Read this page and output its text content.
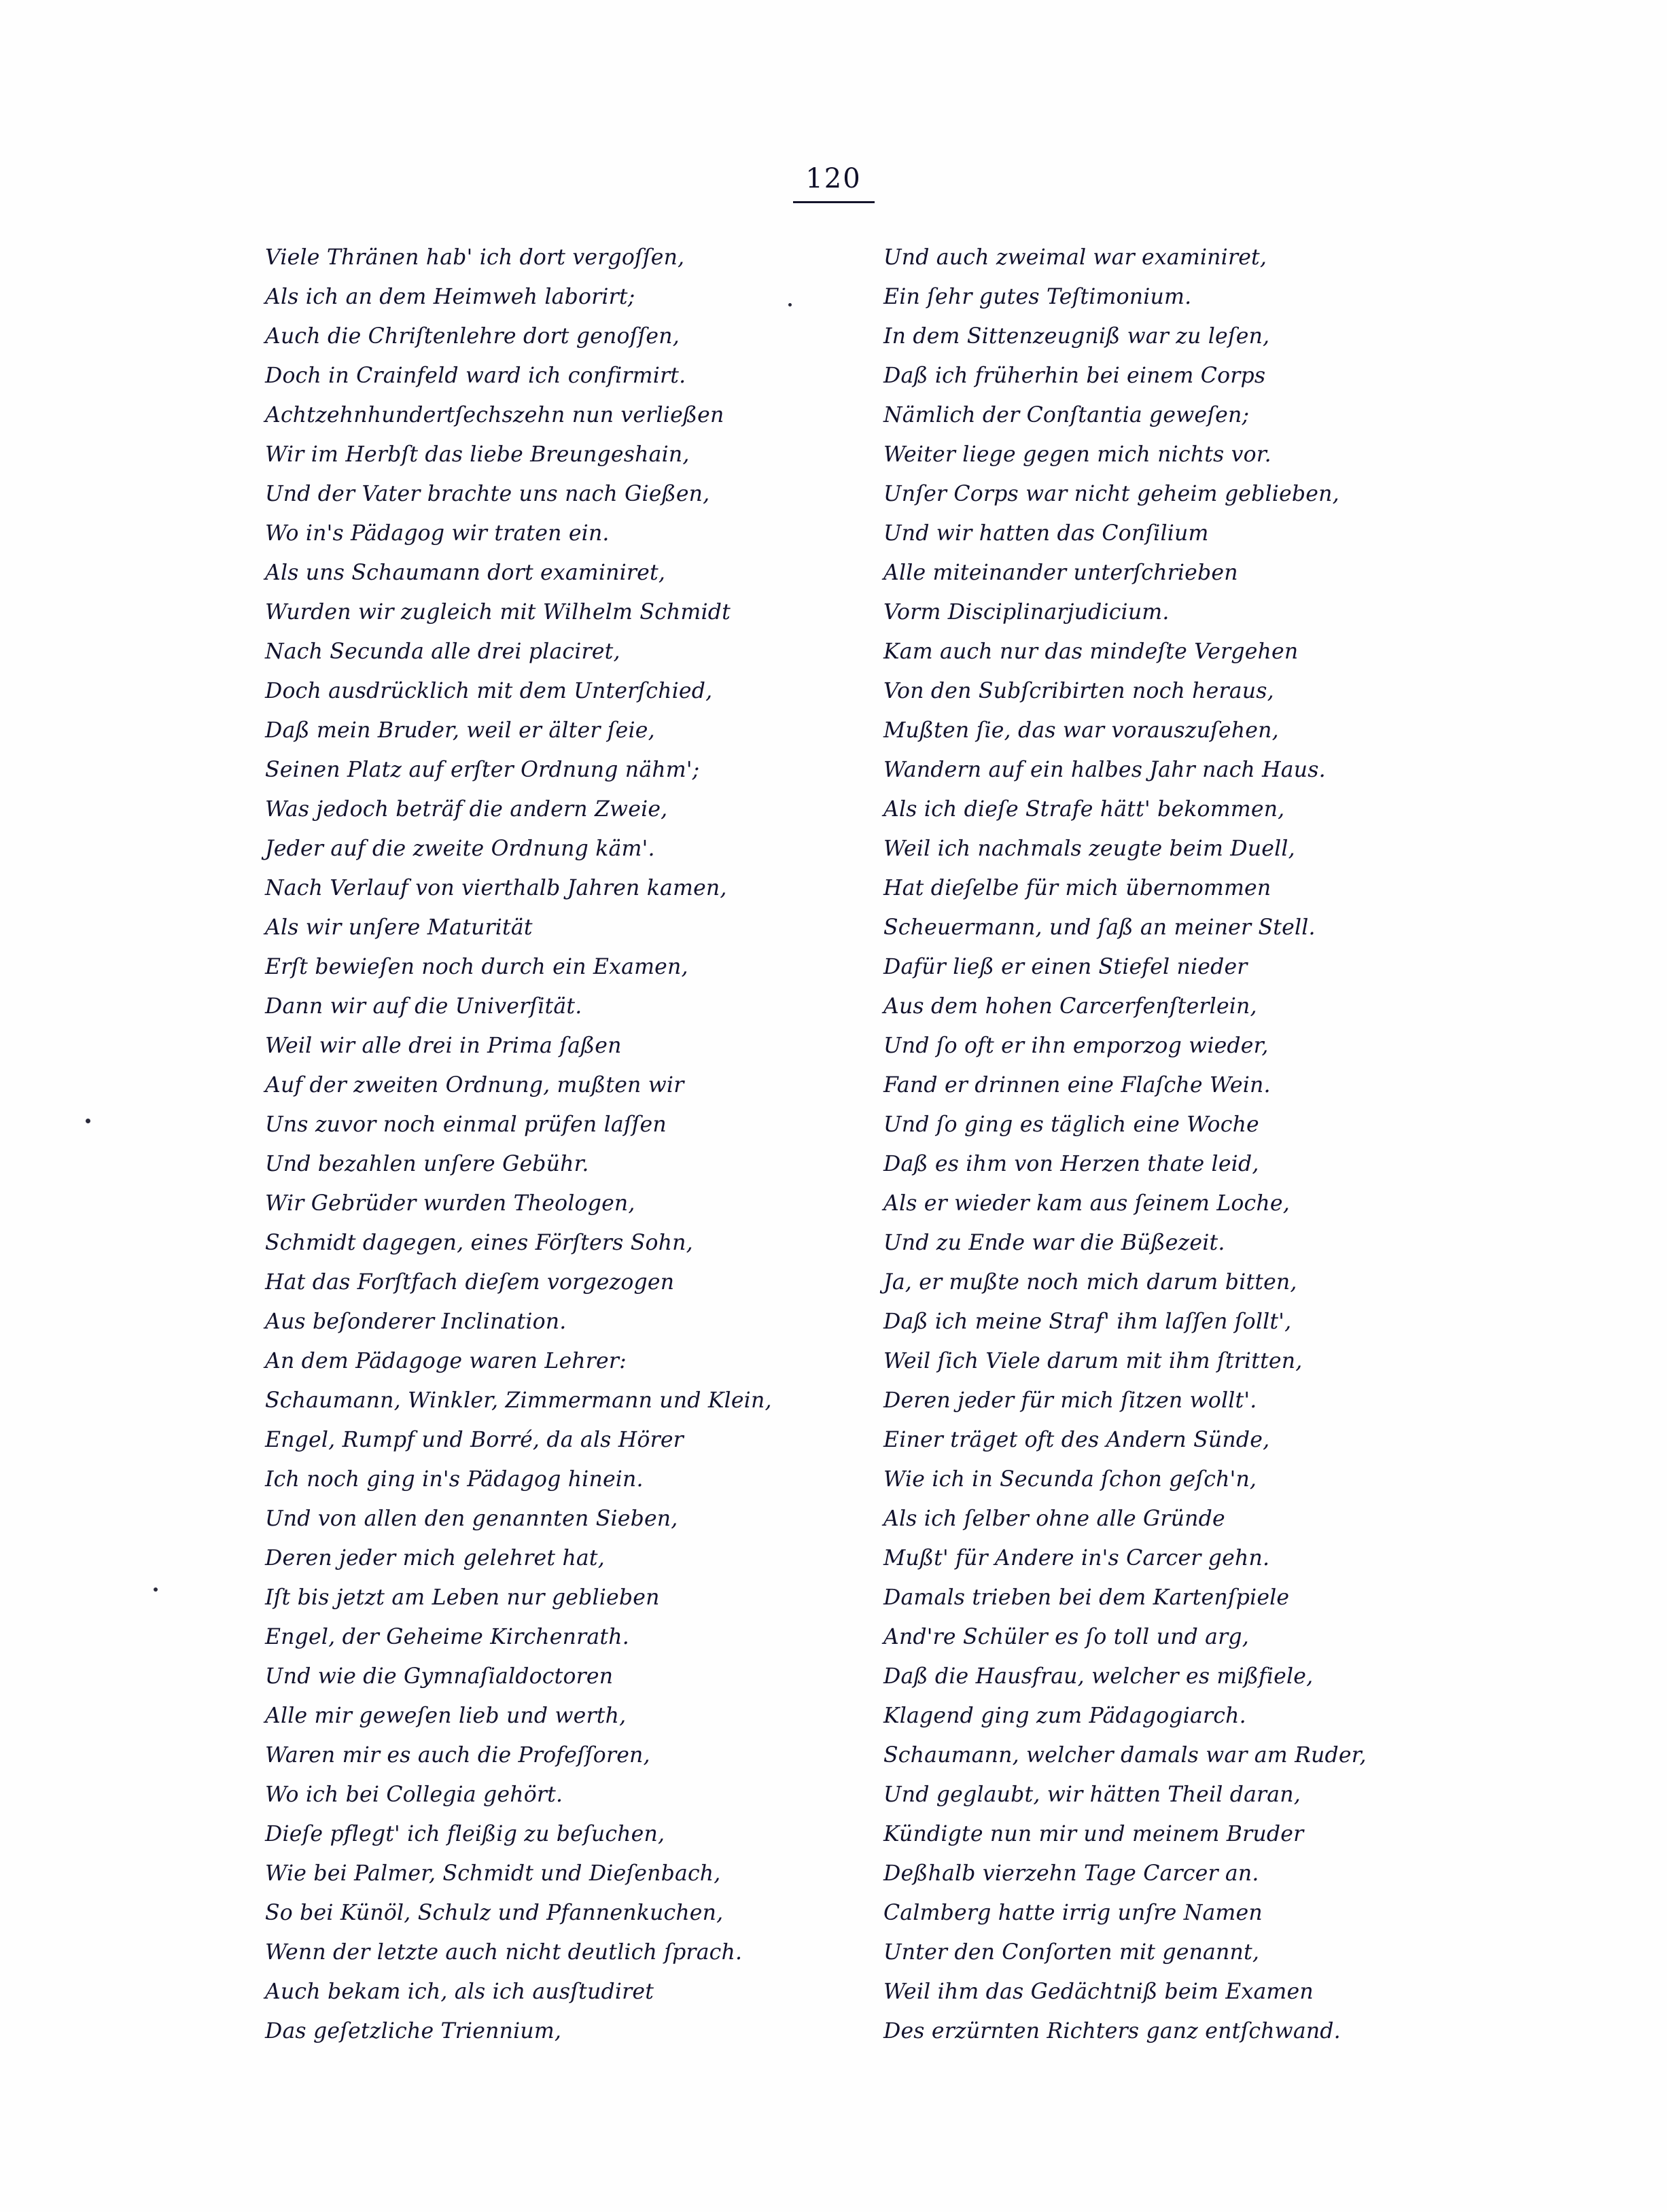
120
Viele Thränen hab' ich dort vergoſſen,
Als ich an dem Heimweh laborirt;
Auch die Chriſtenlehre dort genoſſen,
Doch in Crainfeld ward ich confirmirt.
Achtzehnhundertſechszehn nun verließen
Wir im Herbſt das liebe Breungeshain,
Und der Vater brachte uns nach Gießen,
Wo in's Pädagog wir traten ein.
Als uns Schaumann dort examiniret,
Wurden wir zugleich mit Wilhelm Schmidt
Nach Secunda alle drei placiret,
Doch ausdrücklich mit dem Unterſchied,
Daß mein Bruder, weil er älter ſeie,
Seinen Platz auf erſter Ordnung nähm';
Was jedoch beträf die andern Zweie,
Jeder auf die zweite Ordnung käm'.
Nach Verlauf von vierthalb Jahren kamen,
Als wir unſere Maturität
Erſt bewieſen noch durch ein Examen,
Dann wir auf die Univerſität.
Weil wir alle drei in Prima ſaßen
Auf der zweiten Ordnung, mußten wir
Uns zuvor noch einmal prüfen laſſen
Und bezahlen unſere Gebühr.
Wir Gebrüder wurden Theologen,
Schmidt dagegen, eines Förſters Sohn,
Hat das Forſtfach dieſem vorgezogen
Aus beſonderer Inclination.
An dem Pädagoge waren Lehrer:
Schaumann, Winkler, Zimmermann und Klein,
Engel, Rumpf und Borré, da als Hörer
Ich noch ging in's Pädagog hinein.
Und von allen den genannten Sieben,
Deren jeder mich gelehret hat,
Iſt bis jetzt am Leben nur geblieben
Engel, der Geheime Kirchenrath.
Und wie die Gymnaſialdoctoren
Alle mir geweſen lieb und werth,
Waren mir es auch die Profeſſoren,
Wo ich bei Collegia gehört.
Dieſe pflegt' ich fleißig zu beſuchen,
Wie bei Palmer, Schmidt und Dieſenbach,
So bei Künöl, Schulz und Pfannenkuchen,
Wenn der letzte auch nicht deutlich ſprach.
Auch bekam ich, als ich ausſtudiret
Das geſetzliche Triennium,
Und auch zweimal war examiniret,
Ein ſehr gutes Teſtimonium.
In dem Sittenzeugniß war zu leſen,
Daß ich früherhin bei einem Corps
Nämlich der Conſtantia geweſen;
Weiter liege gegen mich nichts vor.
Unſer Corps war nicht geheim geblieben,
Und wir hatten das Conſilium
Alle miteinander unterſchrieben
Vorm Disciplinarjudicium.
Kam auch nur das mindeſte Vergehen
Von den Subſcribirten noch heraus,
Mußten ſie, das war vorauszuſehen,
Wandern auf ein halbes Jahr nach Haus.
Als ich dieſe Strafe hätt' bekommen,
Weil ich nachmals zeugte beim Duell,
Hat dieſelbe für mich übernommen
Scheuermann, und ſaß an meiner Stell.
Dafür ließ er einen Stiefel nieder
Aus dem hohen Carcerfenſterlein,
Und ſo oft er ihn emporzog wieder,
Fand er drinnen eine Flaſche Wein.
Und ſo ging es täglich eine Woche
Daß es ihm von Herzen thate leid,
Als er wieder kam aus ſeinem Loche,
Und zu Ende war die Büßezeit.
Ja, er mußte noch mich darum bitten,
Daß ich meine Straf' ihm laſſen ſollt',
Weil ſich Viele darum mit ihm ſtritten,
Deren jeder für mich ſitzen wollt'.
Einer träget oft des Andern Sünde,
Wie ich in Secunda ſchon geſch'n,
Als ich ſelber ohne alle Gründe
Mußt' für Andere in's Carcer gehn.
Damals trieben bei dem Kartenſpiele
And're Schüler es ſo toll und arg,
Daß die Hausfrau, welcher es mißfiele,
Klagend ging zum Pädagogiarch.
Schaumann, welcher damals war am Ruder,
Und geglaubt, wir hätten Theil daran,
Kündigte nun mir und meinem Bruder
Deßhalb vierzehn Tage Carcer an.
Calmberg hatte irrig unſre Namen
Unter den Conſorten mit genannt,
Weil ihm das Gedächtniß beim Examen
Des erzürnten Richters ganz entſchwand.
